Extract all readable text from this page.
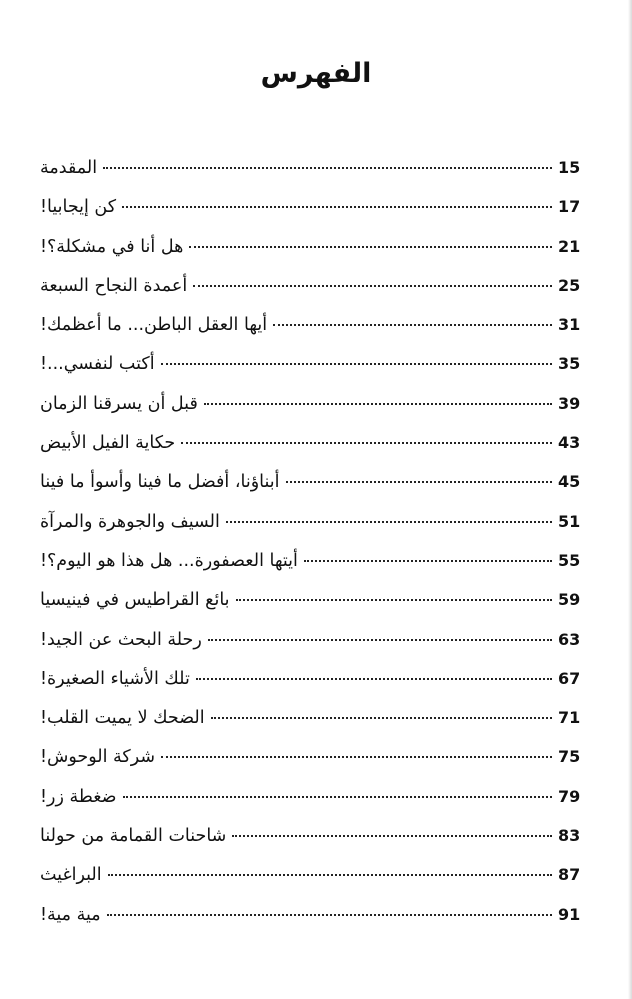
الفهرس
المقدمة	15
كن إيجابيا!	17
هل أنا في مشكلة؟!	21
أعمدة النجاح السبعة	25
أيها العقل الباطن... ما أعظمك!	31
أكتب لنفسي...!	35
قبل أن يسرقنا الزمان	39
حكاية الفيل الأبيض	43
أبناؤنا، أفضل ما فينا وأسوأ ما فينا	45
السيف والجوهرة والمرآة	51
أيتها العصفورة... هل هذا هو اليوم؟!	55
بائع القراطيس في فينيسيا	59
رحلة البحث عن الجيد!	63
تلك الأشياء الصغيرة!	67
الضحك لا يميت القلب!	71
شركة الوحوش!	75
ضغطة زر!	79
شاحنات القمامة من حولنا	83
البراغيث	87
مية مية!	91
